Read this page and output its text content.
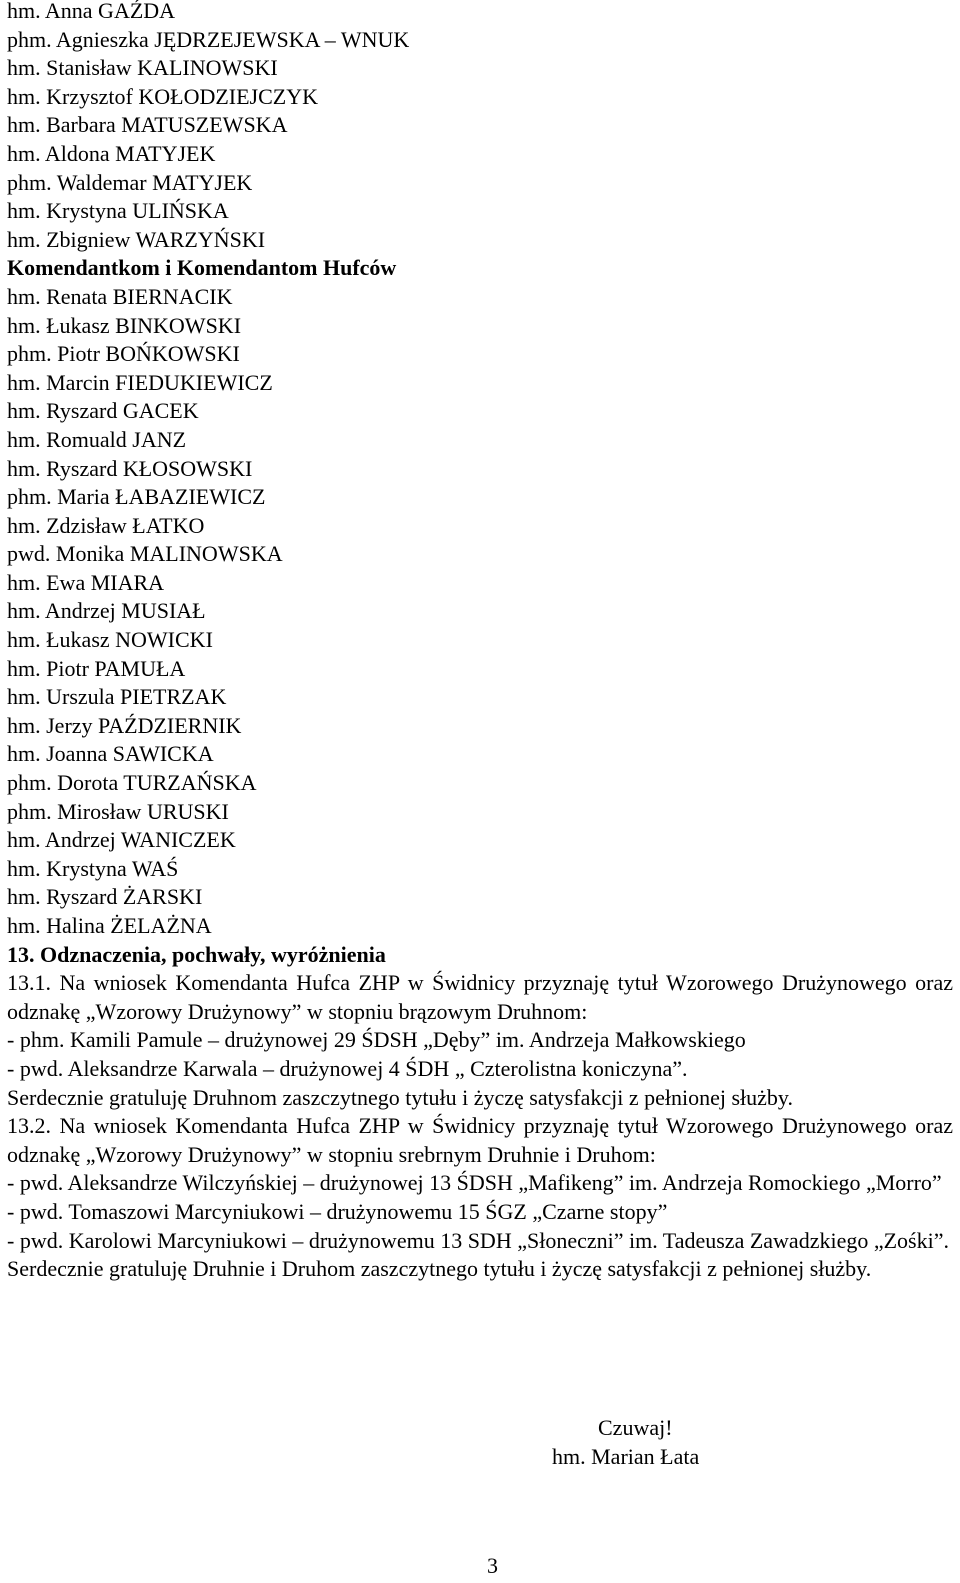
hm. Anna GAŹDA
phm. Agnieszka JĘDRZEJEWSKA – WNUK
hm. Stanisław KALINOWSKI
hm. Krzysztof KOŁODZIEJCZYK
hm. Barbara MATUSZEWSKA
hm. Aldona MATYJEK
phm. Waldemar MATYJEK
hm. Krystyna ULIŃSKA
hm. Zbigniew WARZYŃSKI
Komendantkom i Komendantom Hufców
hm. Renata BIERNACIK
hm. Łukasz BINKOWSKI
phm. Piotr BOŃKOWSKI
hm. Marcin FIEDUKIEWICZ
hm. Ryszard GACEK
hm. Romuald JANZ
hm. Ryszard KŁOSOWSKI
phm. Maria ŁABAZIEWICZ
hm. Zdzisław ŁATKO
pwd. Monika MALINOWSKA
hm. Ewa MIARA
hm. Andrzej MUSIAŁ
hm. Łukasz NOWICKI
hm. Piotr PAMUŁA
hm. Urszula PIETRZAK
hm. Jerzy PAŹDZIERNIK
hm. Joanna SAWICKA
phm. Dorota TURZAŃSKA
phm. Mirosław URUSKI
hm. Andrzej WANICZEK
hm. Krystyna WAŚ
hm. Ryszard ŻARSKI
hm. Halina ŻELAŻNA
13. Odznaczenia, pochwały, wyróżnienia
13.1. Na wniosek Komendanta Hufca ZHP w Świdnicy przyznaję tytuł Wzorowego Drużynowego oraz odznakę „Wzorowy Drużynowy” w stopniu brązowym Druhnom:
- phm. Kamili Pamule – drużynowej 29 ŚDSH „Dęby” im. Andrzeja Małkowskiego
- pwd. Aleksandrze Karwala – drużynowej 4 ŚDH „ Czterolistna koniczyna”.
Serdecznie gratuluję Druhnom zaszczytnego tytułu i życzę satysfakcji z pełnionej służby.
13.2. Na wniosek Komendanta Hufca ZHP w Świdnicy przyznaję tytuł Wzorowego Drużynowego oraz odznakę „Wzorowy Drużynowy” w stopniu srebrnym Druhnie i Druhom:
- pwd. Aleksandrze Wilczyńskiej – drużynowej 13 ŚDSH „Mafikeng” im. Andrzeja Romockiego „Morro”
- pwd. Tomaszowi Marcyniukowi – drużynowemu 15 ŚGZ „Czarne stopy”
- pwd. Karolowi Marcyniukowi – drużynowemu 13 SDH „Słoneczni” im. Tadeusza Zawadzkiego „Zośki”.
Serdecznie gratuluję Druhnie i Druhom zaszczytnego tytułu i życzę satysfakcji z pełnionej służby.
Czuwaj!
hm. Marian Łata
3
